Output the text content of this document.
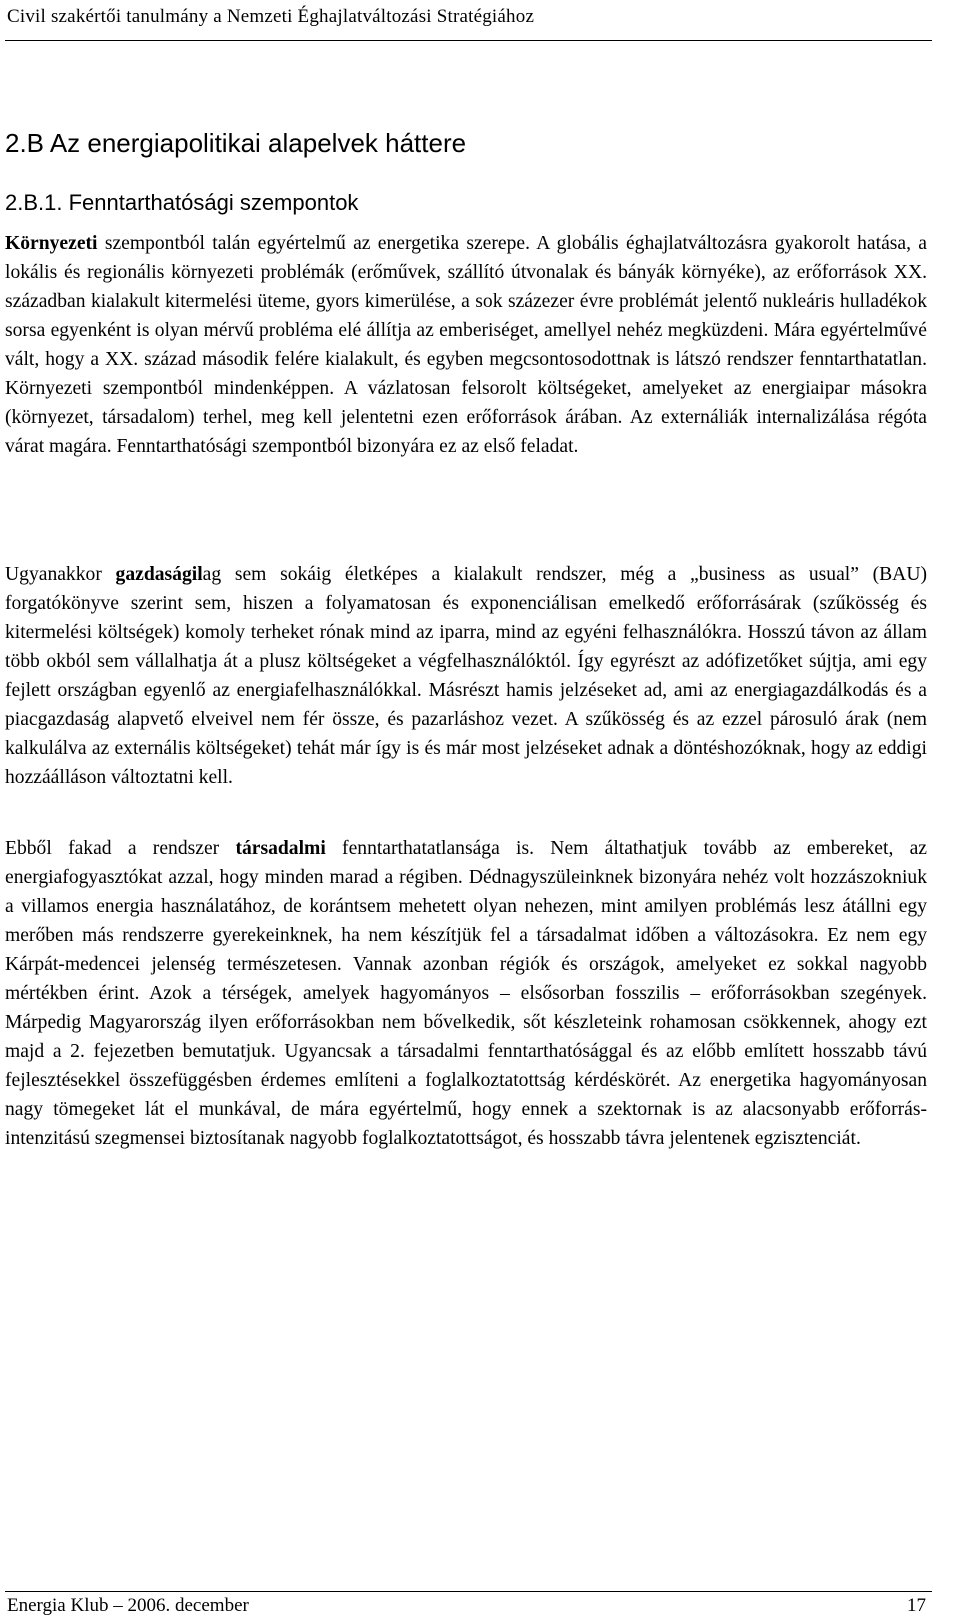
Civil szakértői tanulmány a Nemzeti Éghajlatváltozási Stratégiához
2.B Az energiapolitikai alapelvek háttere
2.B.1. Fenntarthatósági szempontok

Környezeti szempontból talán egyértelmű az energetika szerepe. A globális éghajlatváltozásra gyakorolt hatása, a lokális és regionális környezeti problémák (erőművek, szállító útvonalak és bányák környéke), az erőforrások XX. században kialakult kitermelési üteme, gyors kimerülése, a sok százezer évre problémát jelentő nukleáris hulladékok sorsa egyenként is olyan mérvű probléma elé állítja az emberiséget, amellyel nehéz megküzdeni. Mára egyértelművé vált, hogy a XX. század második felére kialakult, és egyben megcsontosodottnak is látszó rendszer fenntarthatatlan. Környezeti szempontból mindenképpen. A vázlatosan felsorolt költségeket, amelyeket az energiaipar másokra (környezet, társadalom) terhel, meg kell jelentetni ezen erőforrások árában. Az externáliák internalizálása régóta várat magára. Fenntarthatósági szempontból bizonyára ez az első feladat.

Ugyanakkor gazdaságilag sem sokáig életképes a kialakult rendszer, még a „business as usual” (BAU) forgatókönyve szerint sem, hiszen a folyamatosan és exponenciálisan emelkedő erőforrásárak (szűkösség és kitermelési költségek) komoly terheket rónak mind az iparra, mind az egyéni felhasználókra. Hosszú távon az állam több okból sem vállalhatja át a plusz költségeket a végfelhasználóktól. Így egyrészt az adófizetőket sújtja, ami egy fejlett országban egyenlő az energiafelhasználókkal. Másrészt hamis jelzéseket ad, ami az energiagazdálkodás és a piacgazdaság alapvető elveivel nem fér össze, és pazarláshoz vezet. A szűkösség és az ezzel párosuló árak (nem kalkulálva az externális költségeket) tehát már így is és már most jelzéseket adnak a döntéshozóknak, hogy az eddigi hozzáálláson változtatni kell.

Ebből fakad a rendszer társadalmi fenntarthatatlansága is. Nem áltathatjuk tovább az embereket, az energiafogyasztókat azzal, hogy minden marad a régiben. Dédnagyszüleinknek bizonyára nehéz volt hozzászokniuk a villamos energia használatához, de korántsem mehetett olyan nehezen, mint amilyen problémás lesz átállni egy merőben más rendszerre gyerekeinknek, ha nem készítjük fel a társadalmat időben a változásokra. Ez nem egy Kárpát-medencei jelenség természetesen. Vannak azonban régiók és országok, amelyeket ez sokkal nagyobb mértékben érint. Azok a térségek, amelyek hagyományos – elsősorban fosszilis – erőforrásokban szegények. Márpedig Magyarország ilyen erőforrásokban nem bővelkedik, sőt készleteink rohamosan csökkennek, ahogy ezt majd a 2. fejezetben bemutatjuk. Ugyancsak a társadalmi fenntarthatósággal és az előbb említett hosszabb távú fejlesztésekkel összefüggésben érdemes említeni a foglalkoztatottság kérdéskörét. Az energetika hagyományosan nagy tömegeket lát el munkával, de mára egyértelmű, hogy ennek a szektornak is az alacsonyabb erőforrás-intenzitású szegmensei biztosítanak nagyobb foglalkoztatottságot, és hosszabb távra jelentenek egzisztenciát.

Energia Klub – 2006. december	17
